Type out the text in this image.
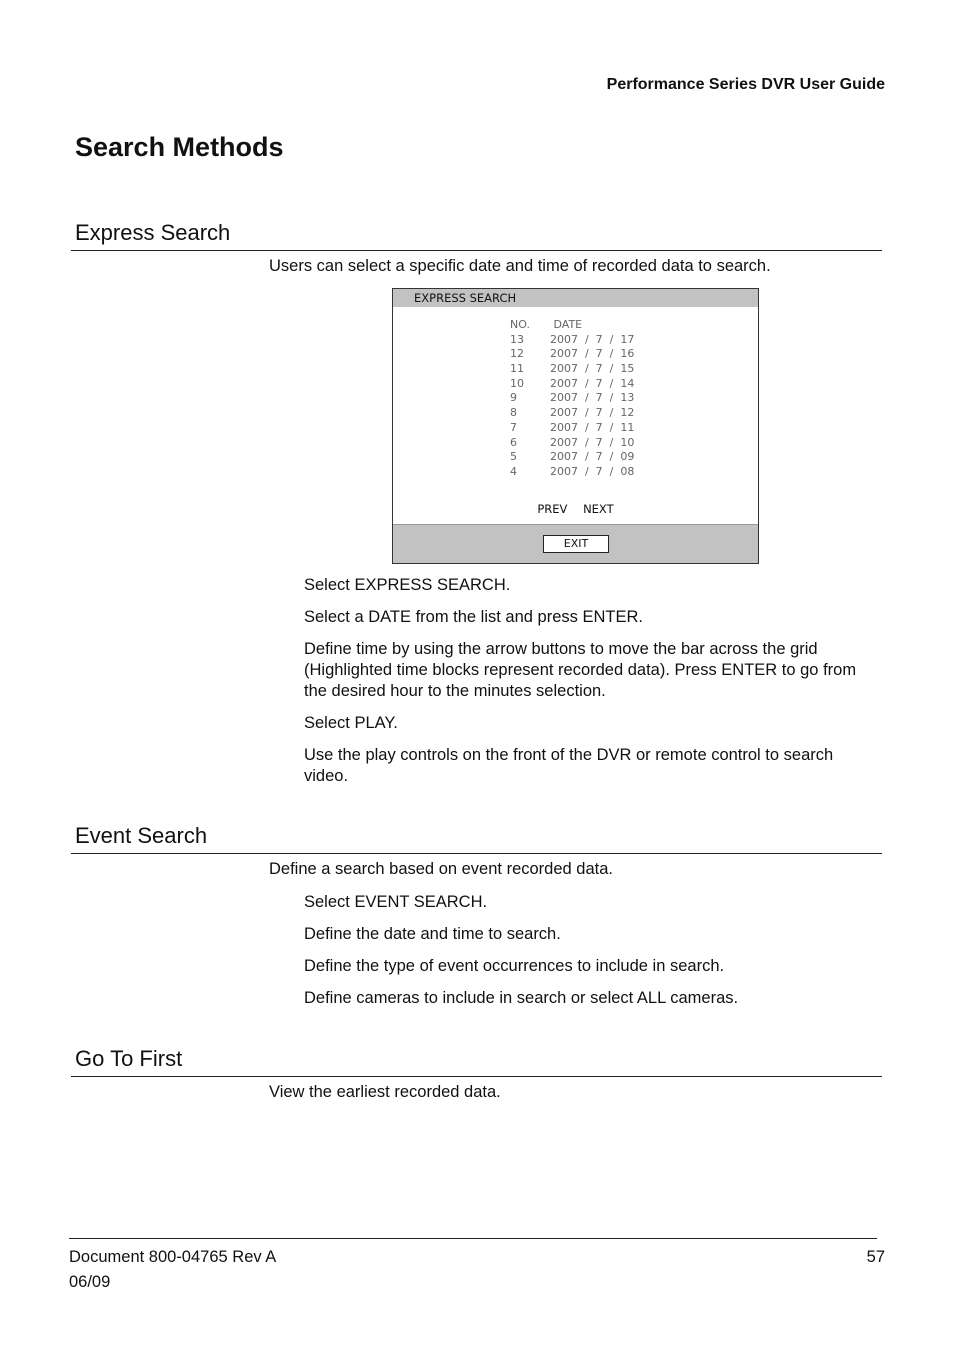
Performance Series DVR User Guide
Search Methods
Express Search
Users can select a specific date and time of recorded data to search.
EXPRESS SEARCH
NO. DATE
13 2007  /  7  /  17
12 2007  /  7  /  16
11 2007  /  7  /  15
10 2007  /  7  /  14
9	2007  /  7  /  13
8	2007  /  7  /  12
7	2007  /  7  /  11
6	2007  /  7  /  10
5	2007  /  7  /  09
4	2007  /  7  /  08
PREV NEXT
EXIT
Select EXPRESS SEARCH.
Select a DATE from the list and press ENTER.
Define time by using the arrow buttons to move the bar across the grid (Highlighted time blocks represent recorded data). Press ENTER to go from the desired hour to the minutes selection.
Select PLAY.
Use the play controls on the front of the DVR or remote control to search video.
Event Search
Define a search based on event recorded data.
Select EVENT SEARCH.
Define the date and time to search.
Define the type of event occurrences to include in search.
Define cameras to include in search or select ALL cameras.
Go To First
View the earliest recorded data.
Document 800-04765 Rev A
06/09
57
